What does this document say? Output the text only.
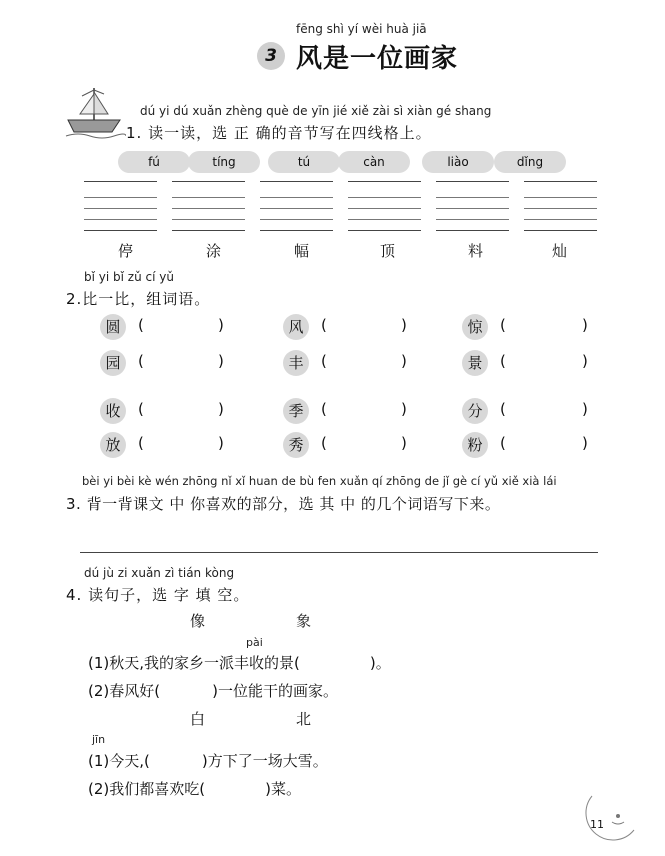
fēng shì yí wèi huà jiā
3 风是一位画家
dú yi dú xuǎn zhèng què de yīn jié xiě zài sì xiàn gé shang
1. 读一读，选 正 确的音节写在四线格上。
fú	tíng	tú	càn	liào	dǐng
停	涂	幅	顶	料	灿
bǐ yi bǐ zǔ cí yǔ
2.比一比，组词语。
圆	(	)	风	(	)	惊	(	)
园	(	)	丰	(	)	景	(	)
收	(	)	季	(	)	分	(	)
放	(	)	秀	(	)	粉	(	)
bèi yi bèi kè wén zhōng nǐ xǐ huan de bù fen xuǎn qí zhōng de jǐ gè cí yǔ xiě xià lái
3. 背一背课文 中 你喜欢的部分，选 其 中 的几个词语写下来。
dú jù zi xuǎn zì tián kòng
4. 读句子，选 字 填 空。
像	象
pài
(1)秋天,我的家乡一派丰收的景(	)。
(2)春风好(	)一位能干的画家。
白	北
jīn
(1)今天,(	)方下了一场大雪。
(2)我们都喜欢吃(	)菜。
11
